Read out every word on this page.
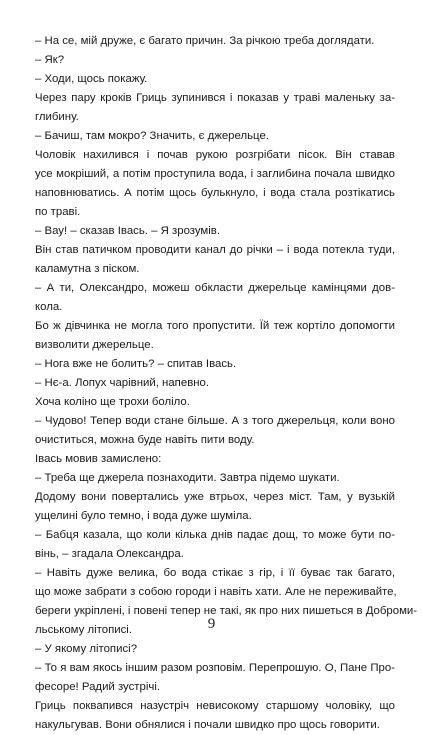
– На се, мій друже, є багато причин. За річкою треба доглядати.
– Як?
– Ходи, щось покажу.
Через пару кроків Гриць зупинився і показав у траві маленьку за-
глибину.
– Бачиш, там мокро? Значить, є джерельце.
Чоловік нахилився і почав рукою розгрібати пісок. Він ставав
усе мокріший, а потім проступила вода, і заглибина почала швидко
наповнюватись. А потім щось булькнуло, і вода стала розтікатись
по траві.
– Вау! – сказав Івась. – Я зрозумів.
Він став патичком проводити канал до річки – і вода потекла туди,
каламутна з піском.
– А ти, Олександро, можеш обкласти джерельце камінцями дов-
кола.
Бо ж дівчинка не могла того пропустити. Їй теж кортіло допомогти
визволити джерельце.
– Нога вже не болить? – спитав Івась.
– Нє-а. Лопух чарівний, напевно.
Хоча коліно ще трохи боліло.
– Чудово! Тепер води стане більше. А з того джерельця, коли воно
очиститься, можна буде навіть пити воду.
Івась мовив замислено:
– Треба ще джерела познаходити. Завтра підемо шукати.
Додому вони повертались уже втрьох, через міст. Там, у вузькій
ущелині було темно, і вода дуже шуміла.
– Бабця казала, що коли кілька днів падає дощ, то може бути по-
вінь, – згадала Олександра.
– Навіть дуже велика, бо вода стікає з гір, і її буває так багато,
що може забрати з собою городи і навіть хати. Але не переживайте,
береги укріплені, і повені тепер не такі, як про них пишеться в Доброми-
льському літописі.
– У якому літописі?
– То я вам якось іншим разом розповім. Перепрошую. О, Пане Про-
фесоре! Радий зустрічі.
Гриць поквапився назустріч невисокому старшому чоловіку, що
накульгував. Вони обнялися і почали швидко про щось говорити.
9
